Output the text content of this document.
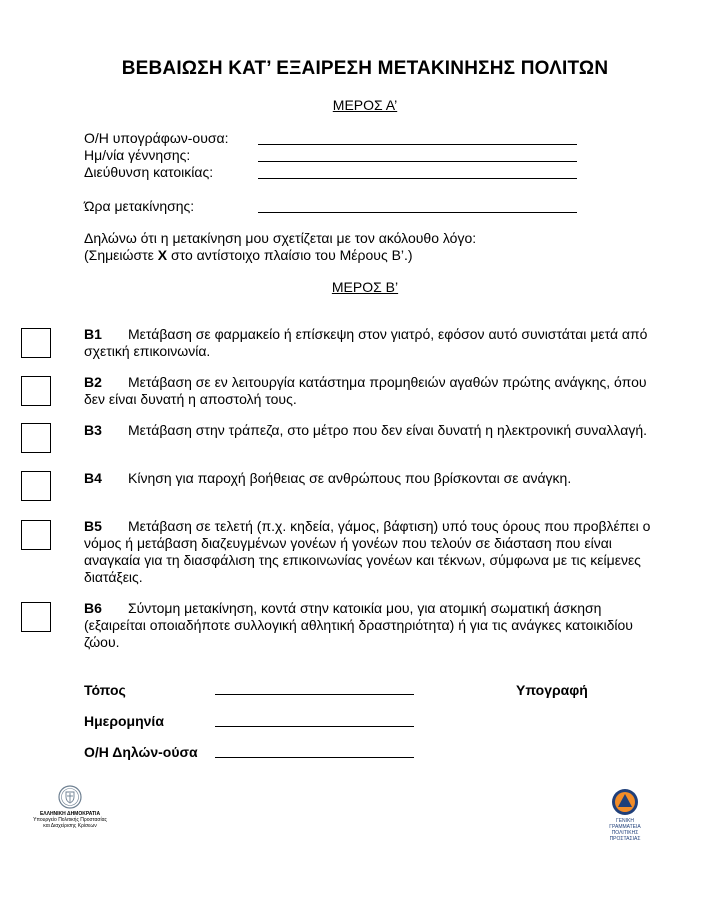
ΒΕΒΑΙΩΣΗ ΚΑΤ’ ΕΞΑΙΡΕΣΗ ΜΕΤΑΚΙΝΗΣΗΣ ΠΟΛΙΤΩΝ
ΜΕΡΟΣ Α’
Ο/Η υπογράφων-ουσα:
Ημ/νία γέννησης:
Διεύθυνση κατοικίας:
Ώρα μετακίνησης:
Δηλώνω ότι η μετακίνηση μου σχετίζεται με τον ακόλουθο λόγο:
(Σημειώστε X στο αντίστοιχο πλαίσιο του Μέρους Β’.)
ΜΕΡΟΣ Β’
B1 Μετάβαση σε φαρμακείο ή επίσκεψη στον γιατρό, εφόσον αυτό συνιστάται μετά από σχετική επικοινωνία.
B2 Μετάβαση σε εν λειτουργία κατάστημα προμηθειών αγαθών πρώτης ανάγκης, όπου δεν είναι δυνατή η αποστολή τους.
B3 Μετάβαση στην τράπεζα, στο μέτρο που δεν είναι δυνατή η ηλεκτρονική συναλλαγή.
B4 Κίνηση για παροχή βοήθειας σε ανθρώπους που βρίσκονται σε ανάγκη.
B5 Μετάβαση σε τελετή (π.χ. κηδεία, γάμος, βάφτιση) υπό τους όρους που προβλέπει ο νόμος ή μετάβαση διαζευγμένων γονέων ή γονέων που τελούν σε διάσταση που είναι αναγκαία για τη διασφάλιση της επικοινωνίας γονέων και τέκνων, σύμφωνα με τις κείμενες διατάξεις.
B6 Σύντομη μετακίνηση, κοντά στην κατοικία μου, για ατομική σωματική άσκηση (εξαιρείται οποιαδήποτε συλλογική αθλητική δραστηριότητα) ή για τις ανάγκες κατοικιδίου ζώου.
Τόπος	Υπογραφή
Ημερομηνία
Ο/Η Δηλών-ούσα
ΕΛΛΗΝΙΚΗ ΔΗΜΟΚΡΑΤΙΑ
Υπουργείο Πολιτικής Προστασίας
και Διαχείρισης Κρίσεων
ΓΕΝΙΚΗ ΓΡΑΜΜΑΤΕΙΑ
ΠΟΛΙΤΙΚΗΣ ΠΡΟΣΤΑΣΙΑΣ
